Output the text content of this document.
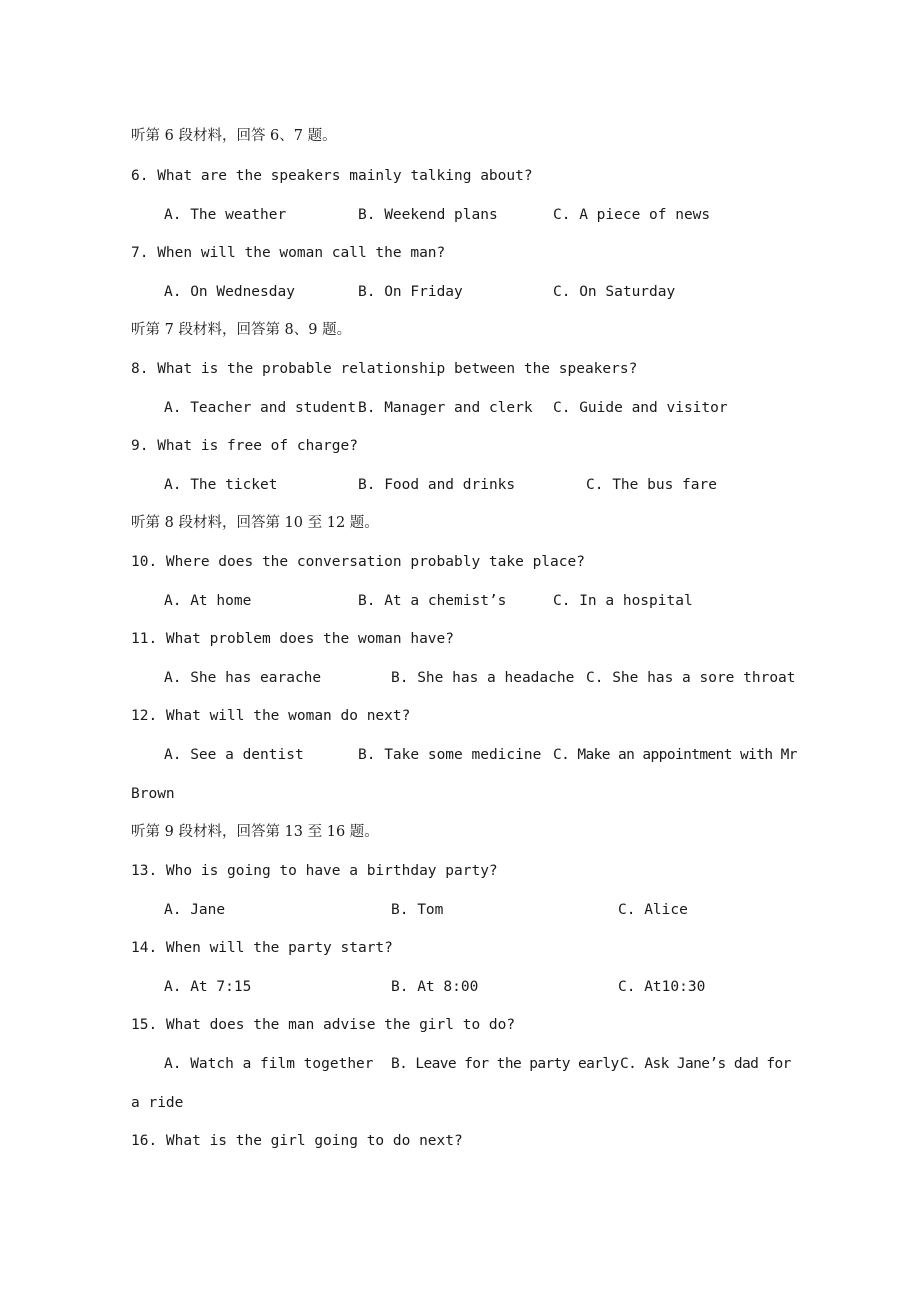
听第 6 段材料，回答 6、7 题。
6. What are the speakers mainly talking about?
A. The weather	B. Weekend plans	C. A piece of news
7. When will the woman call the man?
A. On Wednesday	B. On Friday	C. On Saturday
听第 7 段材料，回答第 8、9 题。
8. What is the probable relationship between the speakers?
A. Teacher and student B. Manager and clerk C. Guide and visitor
9. What is free of charge?
A. The ticket	B. Food and drinks	C. The bus fare
听第 8 段材料，回答第 10 至 12 题。
10. Where does the conversation probably take place?
A. At home	B. At a chemist’s	C. In a hospital
11. What problem does the woman have?
A. She has earache	B. She has a headache C. She has a sore throat
12. What will the woman do next?
A. See a dentist	B. Take some medicine C. Make an appointment with Mr
Brown
听第 9 段材料，回答第 13 至 16 题。
13. Who is going to have a birthday party?
A. Jane	B. Tom	C. Alice
14. When will the party start?
A. At 7:15	B. At 8:00	C. At10:30
15. What does the man advise the girl to do?
A. Watch a film together B. Leave for the party early C. Ask Jane’s dad for
a ride
16. What is the girl going to do next?
